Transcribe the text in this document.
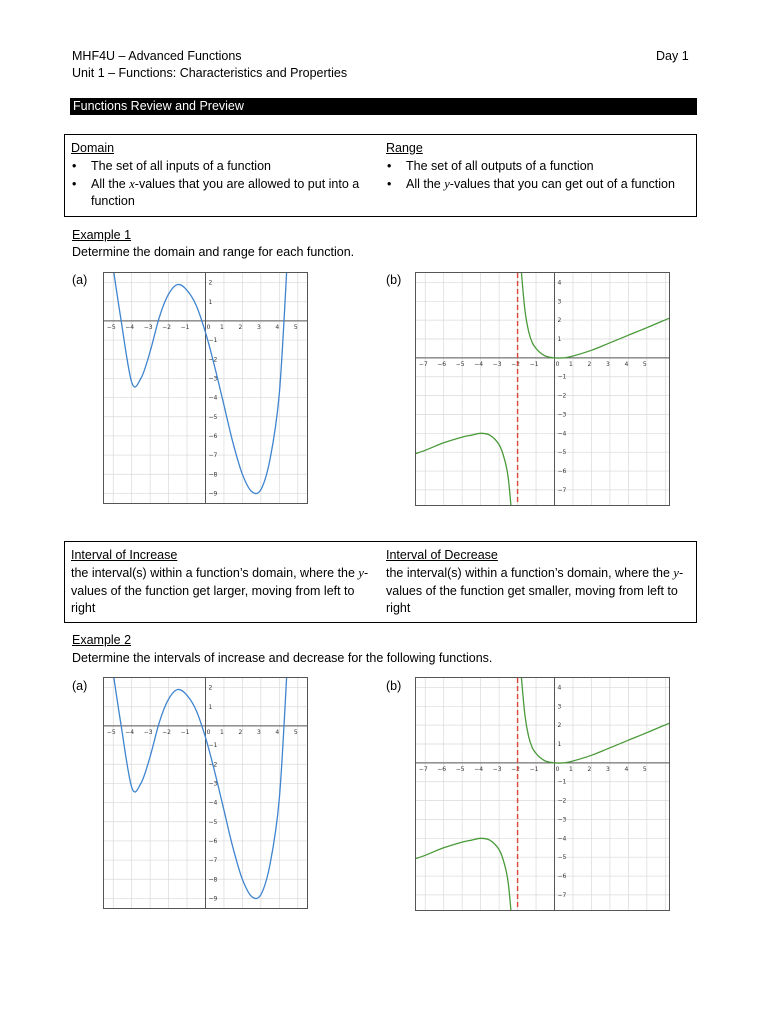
MHF4U – Advanced Functions	Day 1
Unit 1 – Functions: Characteristics and Properties
Functions Review and Preview
Domain
• The set of all inputs of a function
• All the x-values that you are allowed to put into a function
Range
• The set of all outputs of a function
• All the y-values that you can get out of a function
Example 1
Determine the domain and range for each function.
(a)	(b)
−5 −4 −3 −2 −1	0 1 2 3 4 5
2
1
−1
−2
−3
−4
−5
−6
−7
−8
−9
−7 −6 −5 −4 −3 −2 −1	0 1 2 3 4 5
4
3
2
1
−1
−2
−3
−4
−5
−6
−7
Interval of Increase
the interval(s) within a function’s domain, where the y-values of the function get larger, moving from left to right
Interval of Decrease
the interval(s) within a function’s domain, where the y-values of the function get smaller, moving from left to right
Example 2
Determine the intervals of increase and decrease for the following functions.
(a)	(b)
−5 −4 −3 −2 −1	0 1 2 3 4 5
2
1
−1
−2
−3
−4
−5
−6
−7
−8
−9
−7 −6 −5 −4 −3 −2 −1	0 1 2 3 4 5
4
3
2
1
−1
−2
−3
−4
−5
−6
−7
